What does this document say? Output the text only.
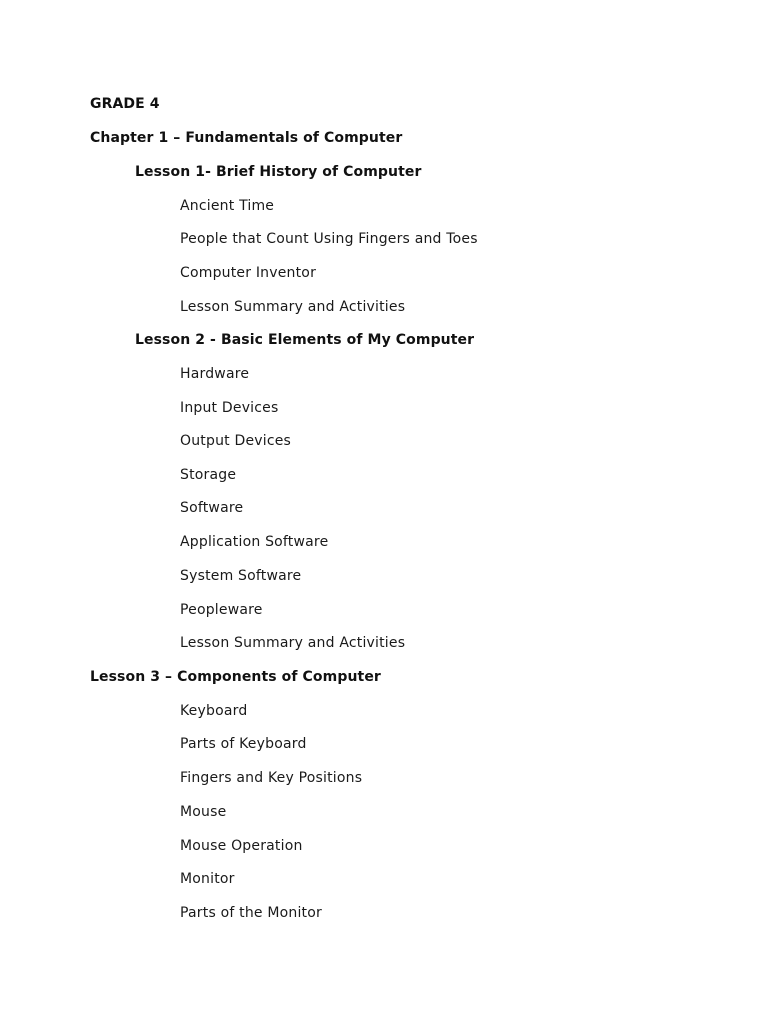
GRADE 4
Chapter 1 – Fundamentals of Computer
Lesson 1- Brief History of Computer
Ancient Time
People that Count Using Fingers and Toes
Computer Inventor
Lesson Summary and Activities
Lesson 2 - Basic Elements of My Computer
Hardware
Input Devices
Output Devices
Storage
Software
Application Software
System Software
Peopleware
Lesson Summary and Activities
Lesson 3 – Components of Computer
Keyboard
Parts of Keyboard
Fingers and Key Positions
Mouse
Mouse Operation
Monitor
Parts of the Monitor
